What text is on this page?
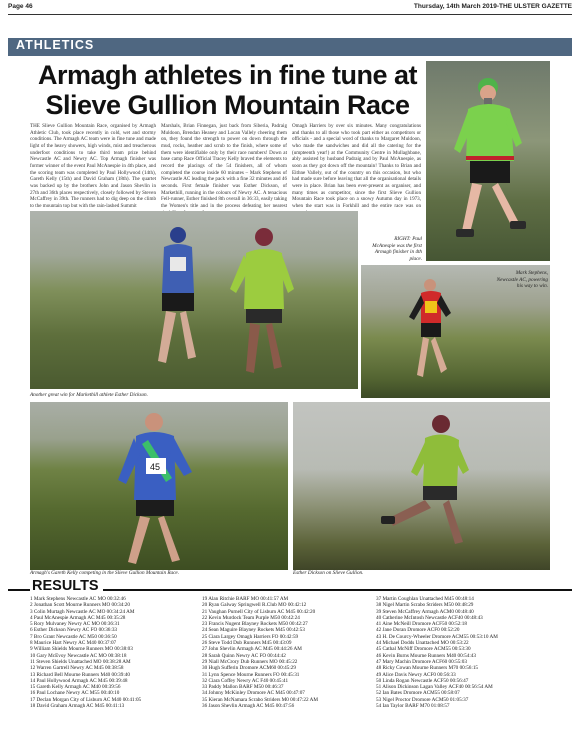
Page 46	Thursday, 14th March 2019-THE ULSTER GAZETTE
ATHLETICS
Armagh athletes in fine tune at
Slieve Gullion Mountain Race

THE Slieve Gullion Mountain Race, organised by Armagh Athletic Club, took place recently in cold, wet and stormy conditions. The Armagh AC team were in fine tune and made light of the heavy showers, high winds, mist and treacherous underfoot conditions to take third team prize behind Newcastle AC and Newry AC. Top Armagh finisher was former winner of the event Paul McAnespie in 4th place, and the scoring team was completed by Paul Hollywood (14th), Gareth Kelly (15th) and David Graham (18th). The quartet was backed up by the brothers John and Jason Shevlin in 27th and 36th places respectively, closely followed by Steven McCaffrey in 39th. The runners had to dig deep on the climb to the mountain top but with the rain-lashed Summit

Marshals, Brian Finnegan, just back from Siberia, Padraig Muldoon, Brendan Heaney and Locan Vallely cheering them on, they found the strength to power on down through the mud, rocks, heather and scrub to the finish, where some of them were identifiable only by their race numbers! Down at base camp Race Official Tracey Kelly braved the elements to record the placings of the 54 finishers, all of whom completed the course inside 60 minutes – Mark Stephens of Newcastle AC leading the pack with a fine 32 minutes and 46 seconds. First female finisher was Esther Dickson, of Markethill, running in the colours of Newry AC. A tenacious Fell-runner, Esther finished 8th overall in 36:33, easily taking the Women's title and in the process defeating her nearest

Omagh Harriers by over six minutes. Many congratulations and thanks to all those who took part either as competitors or officials - and a special word of thanks to Margaret Muldoon, who made the sandwiches and did all the catering for the (umpteenth year!) at the Community Centre in Mullaghbane, ably assisted by husband Padraig and by Paul McAnespie, as soon as they got down off the mountain! Thanks to Brian and Eithne Vallely, out of the country on this occasion, but who had made sure before leaving that all the organisational details were in place. Brian has been ever-present as organiser, and many times as competitor, since the first Slieve Gullion Mountain Race took place on a snowy Autumn day in 1973, when the start was in Forkhill and the entire race was on

RIGHT: Paul McAnespie was the first Armagh finisher in 4th place.
Mark Stephens, Newcastle AC, powering his way to win.
Another great win for Markethill athlete Esther Dickson.
45
Armagh's Gareth Kelly competing in the Slieve Gullion Mountain Race.	Esther Dickson on Slieve Gullion.
RESULTS
1 Mark Stephens Newcastle AC MO 00:32:46
2 Jonathan Scott Mourne Runners MO 00:34:20
3 Colin Murtagh Newcastle AC MO 00:34:24 AM
4 Paul McAnespie Armagh AC M45 00:35:28
5 Rory Mulvaney Newry AC MO 00:36:31
6 Esther Dickson Newry AC FO 00:36:33
7 Bro Grant Newcastle AC M50 00:36:50
8 Maurice Hart Newry AC M40 00:37:07
9 William Shields Mourne Runners MO 00:38:03
10 Gary McEvoy Newcastle AC MO 00:38:18
11 Steven Shields Unattached MO 00:38:28 AM
12 Warren Gartrell Newry AC M45 00:38:58
13 Richard Bell Mourne Runners M40 00:39:40
14 Paul Hollywood Armagh AC M45 00:39:48
15 Gareth Kelly Armagh AC M40 00:39:56
16 Paul Lochane Newry AC M55 00:40:10
17 Declan Morgan City of Lisburn AC M40 00:41:05
18 David Graham Armagh AC M45 00:41:13
19 Alan Ritchie BARF MO 00:41:57 AM
20 Ryan Galway Springwell R.Club MO 00:42:12
21 Vaughan Purnell City of Lisburn AC M45 00:42:20
22 Kevin Murdock Team Purple M50 00:42:24
23 Francis Nugent Blayney Rockets M50 00:42:27
24 Sean Maguire Blayney Rockets M45 00:42:53
25 Ciara Largey Omagh Harriers FO 00:42:59
26 Steve Todd Dub Runners M45 00:43:09
27 John Shevlin Armagh AC M45 00:44:26 AM
28 Sarah Quinn Newry AC FO 00:44:42
29 Niall McCrory Dub Runners MO 00:45:22
30 Hugh Sufferin Dromore ACM60 00:45:29
31 Lynn Spence Mourne Runners FO 00:45:31
32 Ciara Coffey Newry AC F40 00:45:41
33 Paddy Mallon BARF M50 00:46:37
34 Johnny McKinley Dromore AC M45 00:47:07
35 Kieran McNamara Scrabo Striders M0 00:47:22 AM
36 Jason Shevlin Armagh AC M45 00:47:56
37 Martin Coughlan Unattached M45 00:48:14
38 Nigel Martin Scrabo Striders M50 00:48:29
39 Steven McCaffrey Armagh ACM0 00:48:40
40 Catherine McIntosh Newcastle ACF40 00:48:43
41 Aine McNeill Dromore ACF50 00:52:18
42 Jane Doran Dromore ACF0 00:52:20
43 H. De Courcy-Wheeler Dromore ACM55 00:53:10 AM
44 Michael Dodds Unattached MO 00:53:22
45 Cathal McNiff Dromore ACM55 00:53:30
46 Kevin Burns Mourne Runners M40 00:54:43
47 Mary Machin Dromore ACF60 00:55:03
48 Ricky Cowan Mourne Runners M70 00:56:15
49 Alice Davis Newry ACF0 00:56:33
50 Linda Rogan Newcastle ACF50 00:56:47
51 Alison Dickinson Lagan Valley ACF40 00:56:54 AM
52 Ian Bates Dromore ACM55 00:58:07
53 Nigel Proctor Dromore ACM50 01:05:37
54 Ian Taylor BARF M70 01:08:57
